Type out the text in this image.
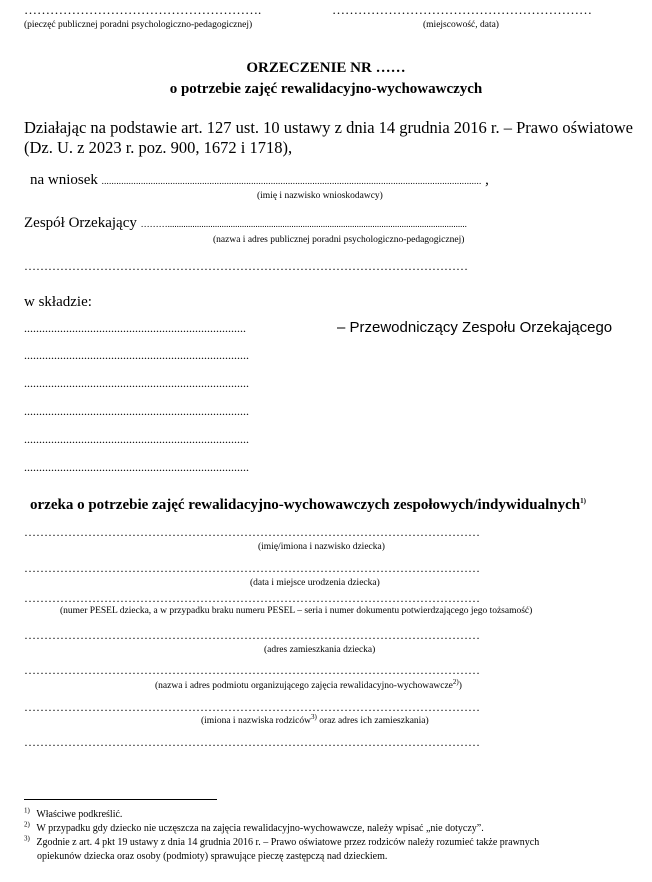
……………………………………………….
(pieczęć publicznej poradni psychologiczno-pedagogicznej)
……………………………………………………
(miejscowość, data)
ORZECZENIE NR ……
o potrzebie zajęć rewalidacyjno-wychowawczych
Działając na podstawie art. 127 ust. 10 ustawy z dnia 14 grudnia 2016 r. – Prawo oświatowe
(Dz. U. z 2023 r. poz. 900, 1672 i 1718),
na wniosek ........................................................................................................................................................... ,
(imię i nazwisko wnioskodawcy)
Zespół Orzekający ……….....................................................................................................................................
(nazwa i adres publicznej poradni psychologiczno-pedagogicznej)
…………………………………………………………………………………………………
w składzie:
..........................................................................	– Przewodniczący Zespołu Orzekającego
...........................................................................
...........................................................................
...........................................................................
...........................................................................
...........................................................................
orzeka o potrzebie zajęć rewalidacyjno-wychowawczych zespołowych/indywidualnych$^{1)}$
……………………………………………………………………………………………………
(imię/imiona i nazwisko dziecka)
……………………………………………………………………………………………………
(data i miejsce urodzenia dziecka)
……………………………………………………………………………………………………
(numer PESEL dziecka, a w przypadku braku numeru PESEL – seria i numer dokumentu potwierdzającego jego tożsamość)
……………………………………………………………………………………………………
(adres zamieszkania dziecka)
……………………………………………………………………………………………………
(nazwa i adres podmiotu organizującego zajęcia rewalidacyjno-wychowawcze$^{2)}$)
……………………………………………………………………………………………………
(imiona i nazwiska rodziców$^{3)}$ oraz adres ich zamieszkania)
……………………………………………………………………………………………………
$^{1)}$ Właściwe podkreślić.
$^{2)}$ W przypadku gdy dziecko nie uczęszcza na zajęcia rewalidacyjno-wychowawcze, należy wpisać „nie dotyczy”.
$^{3)}$ Zgodnie z art. 4 pkt 19 ustawy z dnia 14 grudnia 2016 r. – Prawo oświatowe przez rodziców należy rozumieć także prawnych
opiekunów dziecka oraz osoby (podmioty) sprawujące pieczę zastępczą nad dzieckiem.
